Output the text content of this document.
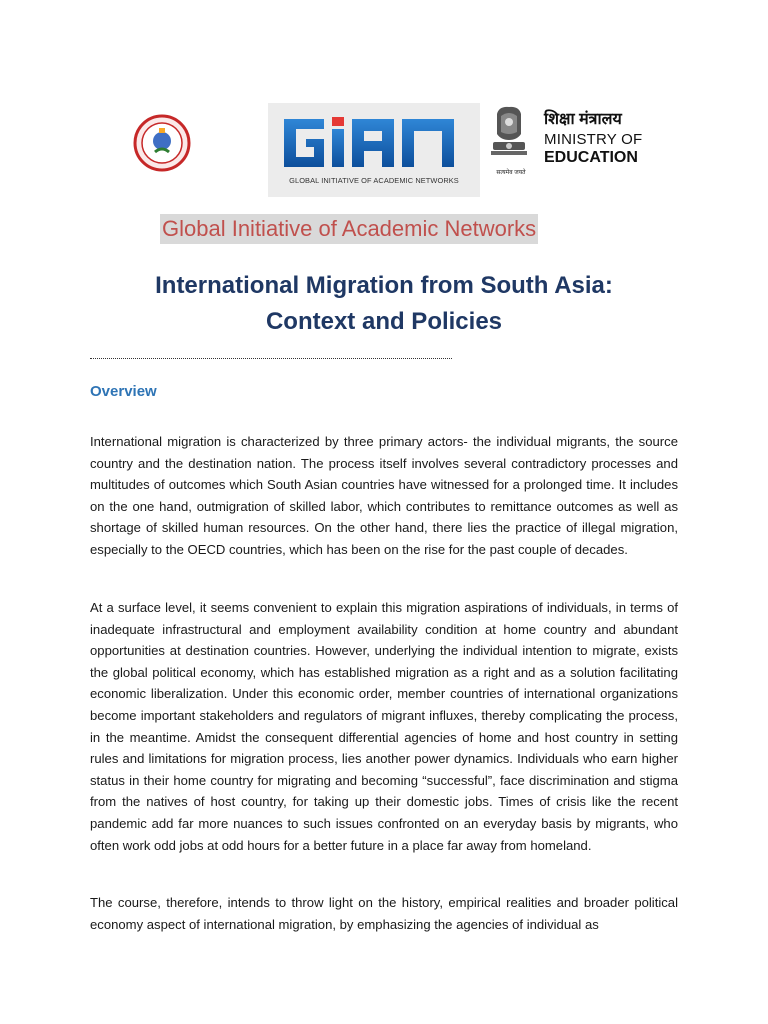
GLOBAL INITIATIVE OF ACADEMIC NETWORKS
सत्यमेव जयते
शिक्षा मंत्रालय
MINISTRY OF
EDUCATION
Global Initiative of Academic Networks
International Migration from South Asia:
Context and Policies
Overview

International migration is characterized by three primary actors- the individual migrants, the source country and the destination nation. The process itself involves several contradictory processes and multitudes of outcomes which South Asian countries have witnessed for a prolonged time. It includes on the one hand, outmigration of skilled labor, which contributes to remittance outcomes as well as shortage of skilled human resources. On the other hand, there lies the practice of illegal migration, especially to the OECD countries, which has been on the rise for the past couple of decades.

At a surface level, it seems convenient to explain this migration aspirations of individuals, in terms of inadequate infrastructural and employment availability condition at home country and abundant opportunities at destination countries. However, underlying the individual intention to migrate, exists the global political economy, which has established migration as a right and as a solution facilitating economic liberalization. Under this economic order, member countries of international organizations become important stakeholders and regulators of migrant influxes, thereby complicating the process, in the meantime. Amidst the consequent differential agencies of home and host country in setting rules and limitations for migration process, lies another power dynamics. Individuals who earn higher status in their home country for migrating and becoming “successful”, face discrimination and stigma from the natives of host country, for taking up their domestic jobs. Times of crisis like the recent pandemic add far more nuances to such issues confronted on an everyday basis by migrants, who often work odd jobs at odd hours for a better future in a place far away from homeland.

The course, therefore, intends to throw light on the history, empirical realities and broader political economy aspect of international migration, by emphasizing the agencies of individual as
